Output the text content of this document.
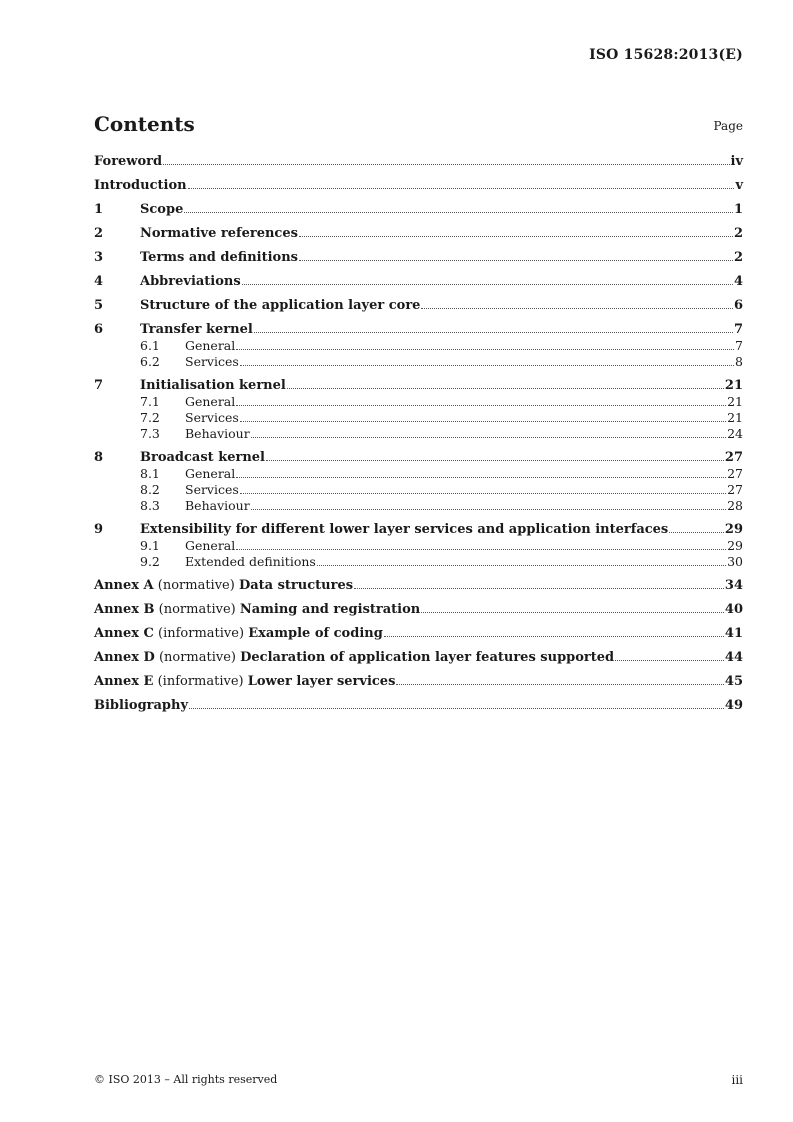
ISO 15628:2013(E)
Contents	Page
Foreword	iv
Introduction	v
1	Scope	1
2	Normative references	2
3	Terms and definitions	2
4	Abbreviations	4
5	Structure of the application layer core	6
6	Transfer kernel	7
6.1	General	7
6.2	Services	8
7	Initialisation kernel	21
7.1	General	21
7.2	Services	21
7.3	Behaviour	24
8	Broadcast kernel	27
8.1	General	27
8.2	Services	27
8.3	Behaviour	28
9	Extensibility for different lower layer services and application interfaces	29
9.1	General	29
9.2	Extended definitions	30
Annex A (normative) Data structures	34
Annex B (normative) Naming and registration	40
Annex C (informative) Example of coding	41
Annex D (normative) Declaration of application layer features supported	44
Annex E (informative) Lower layer services	45
Bibliography	49
© ISO 2013 – All rights reserved	iii
